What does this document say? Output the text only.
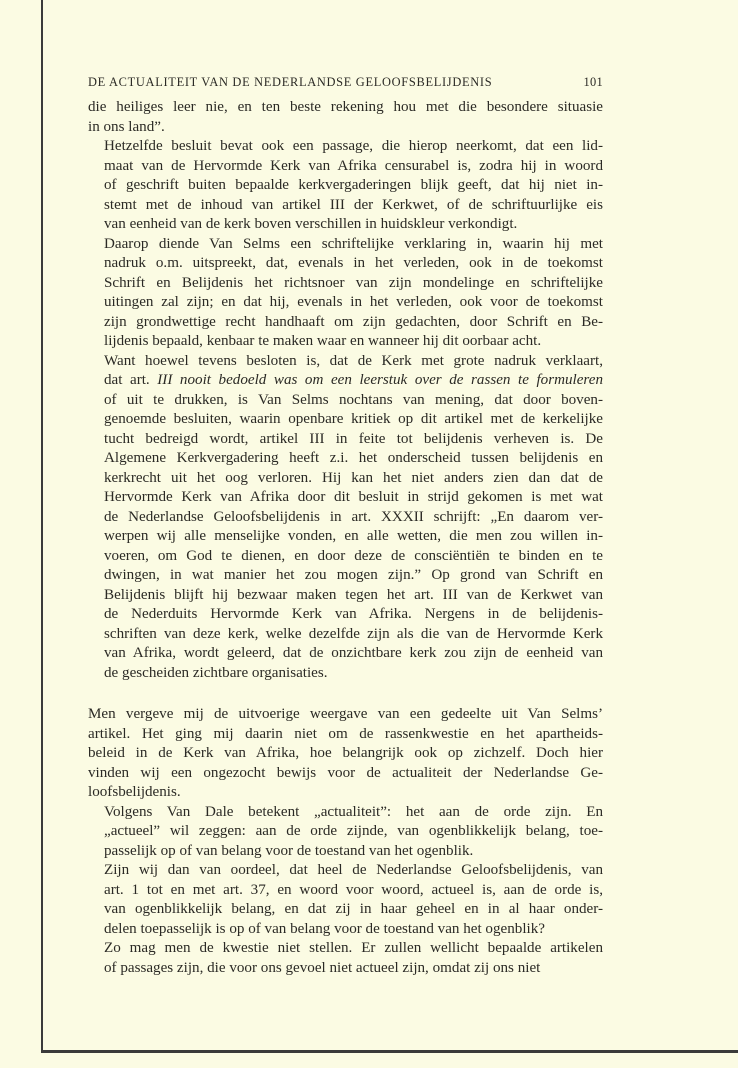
DE ACTUALITEIT VAN DE NEDERLANDSE GELOOFSBELIJDENIS	101

die heiliges leer nie, en ten beste rekening hou met die besondere situasie
in ons land”.

Hetzelfde besluit bevat ook een passage, die hierop neerkomt, dat een lid-
maat van de Hervormde Kerk van Afrika censurabel is, zodra hij in woord
of geschrift buiten bepaalde kerkvergaderingen blijk geeft, dat hij niet in-
stemt met de inhoud van artikel III der Kerkwet, of de schriftuurlijke eis
van eenheid van de kerk boven verschillen in huidskleur verkondigt.

Daarop diende Van Selms een schriftelijke verklaring in, waarin hij met
nadruk o.m. uitspreekt, dat, evenals in het verleden, ook in de toekomst
Schrift en Belijdenis het richtsnoer van zijn mondelinge en schriftelijke
uitingen zal zijn; en dat hij, evenals in het verleden, ook voor de toekomst
zijn grondwettige recht handhaaft om zijn gedachten, door Schrift en Be-
lijdenis bepaald, kenbaar te maken waar en wanneer hij dit oorbaar acht.

Want hoewel tevens besloten is, dat de Kerk met grote nadruk verklaart,
dat art. III nooit bedoeld was om een leerstuk over de rassen te formuleren
of uit te drukken, is Van Selms nochtans van mening, dat door boven-
genoemde besluiten, waarin openbare kritiek op dit artikel met de kerkelijke
tucht bedreigd wordt, artikel III in feite tot belijdenis verheven is. De
Algemene Kerkvergadering heeft z.i. het onderscheid tussen belijdenis en
kerkrecht uit het oog verloren. Hij kan het niet anders zien dan dat de
Hervormde Kerk van Afrika door dit besluit in strijd gekomen is met wat
de Nederlandse Geloofsbelijdenis in art. XXXII schrijft: „En daarom ver-
werpen wij alle menselijke vonden, en alle wetten, die men zou willen in-
voeren, om God te dienen, en door deze de consciëntiën te binden en te
dwingen, in wat manier het zou mogen zijn.” Op grond van Schrift en
Belijdenis blijft hij bezwaar maken tegen het art. III van de Kerkwet van
de Nederduits Hervormde Kerk van Afrika. Nergens in de belijdenis-
schriften van deze kerk, welke dezelfde zijn als die van de Hervormde Kerk
van Afrika, wordt geleerd, dat de onzichtbare kerk zou zijn de eenheid van
de gescheiden zichtbare organisaties.

Men vergeve mij de uitvoerige weergave van een gedeelte uit Van Selms’
artikel. Het ging mij daarin niet om de rassenkwestie en het apartheids-
beleid in de Kerk van Afrika, hoe belangrijk ook op zichzelf. Doch hier
vinden wij een ongezocht bewijs voor de actualiteit der Nederlandse Ge-
loofsbelijdenis.

Volgens Van Dale betekent „actualiteit”: het aan de orde zijn. En
„actueel” wil zeggen: aan de orde zijnde, van ogenblikkelijk belang, toe-
passelijk op of van belang voor de toestand van het ogenblik.

Zijn wij dan van oordeel, dat heel de Nederlandse Geloofsbelijdenis, van
art. 1 tot en met art. 37, en woord voor woord, actueel is, aan de orde is,
van ogenblikkelijk belang, en dat zij in haar geheel en in al haar onder-
delen toepasselijk is op of van belang voor de toestand van het ogenblik?

Zo mag men de kwestie niet stellen. Er zullen wellicht bepaalde artikelen
of passages zijn, die voor ons gevoel niet actueel zijn, omdat zij ons niet
